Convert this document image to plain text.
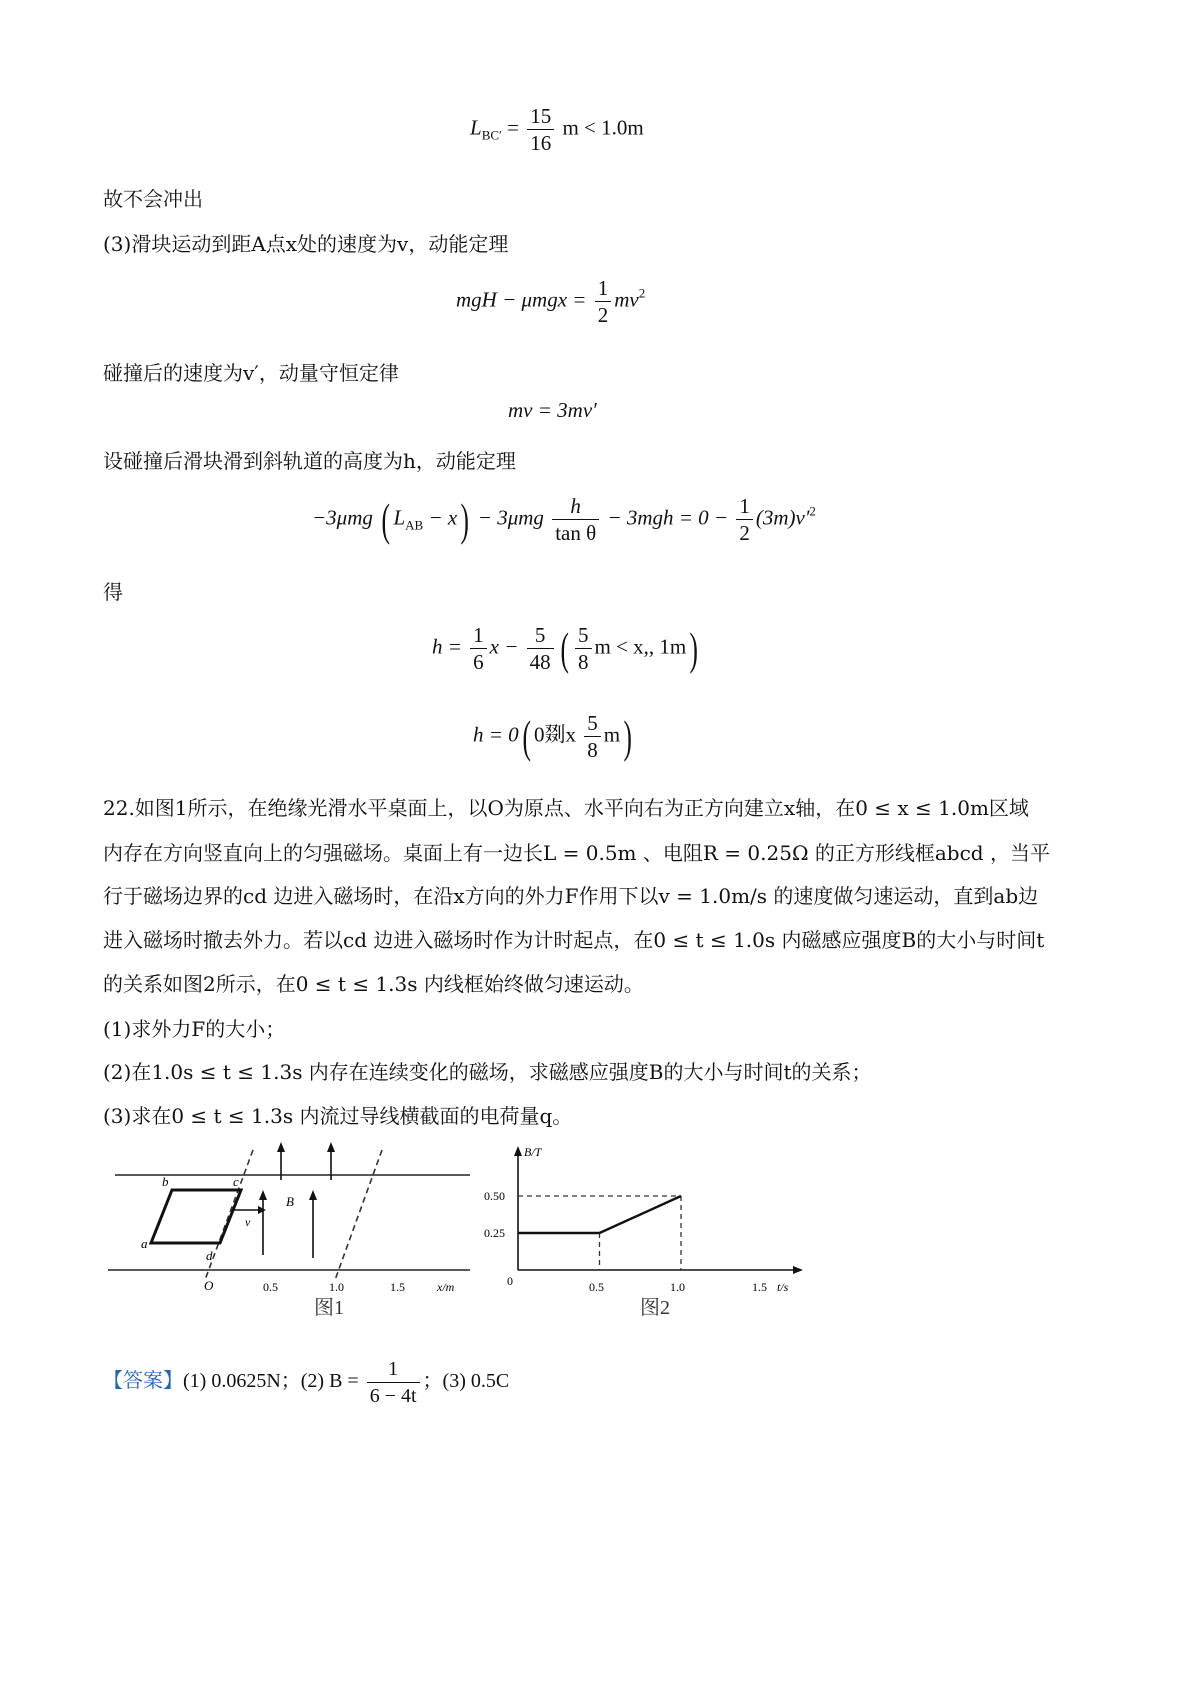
$L_{BC'} = \frac{15}{16}$ m < 1.0m
故不会冲出
(3)滑块运动到距A点x处的速度为v，动能定理
mgH − $\mu mgx = \frac{1}{2} mv^2$
碰撞后的速度为v′，动量守恒定律
mv = 3mv′
设碰撞后滑块滑到斜轨道的高度为h，动能定理
−3μmg ( $L_{AB} - x) - 3\mu mg \frac{h}{\text{tan θ}} - 3mgh = 0 - \frac{1}{2} (3m)v'^2$
得
$h = \frac{1}{6}$ $x - \frac{5}{48}$ ( $\frac{5}{8}$ m < x,, 1m)
h = 0( 0剟x $\frac{5}{8} m$)
22.如图1所示，在绝缘光滑水平桌面上，以O为原点、水平向右为正方向建立x轴，在0 ≤ x ≤ 1.0m区域
内存在方向竖直向上的匀强磁场。桌面上有一边长L = 0.5m 、电阻R = 0.25Ω 的正方形线框abcd ，当平
行于磁场边界的cd 边进入磁场时，在沿x方向的外力F作用下以v = 1.0m/s 的速度做匀速运动，直到ab边
进入磁场时撤去外力。若以cd 边进入磁场时作为计时起点，在0 ≤ t ≤ 1.0s 内磁感应强度B的大小与时间t
的关系如图2所示，在0 ≤ t ≤ 1.3s 内线框始终做匀速运动。
(1)求外力F的大小；
(2)在1.0s ≤ t ≤ 1.3s 内存在连续变化的磁场，求磁感应强度B的大小与时间t的关系；
(3)求在0 ≤ t ≤ 1.3s 内流过导线横截面的电荷量q。
b	c
a
d
v
B
O	0.5	1.0	1.5	x/m
图1
B/T
t/s
0.50
0.25
0	0.5	1.0	1.5
图2
【答案】(1) 0.0625N；(2) $B = \frac{1}{6 - 4t}$ ；(3) 0.5C
